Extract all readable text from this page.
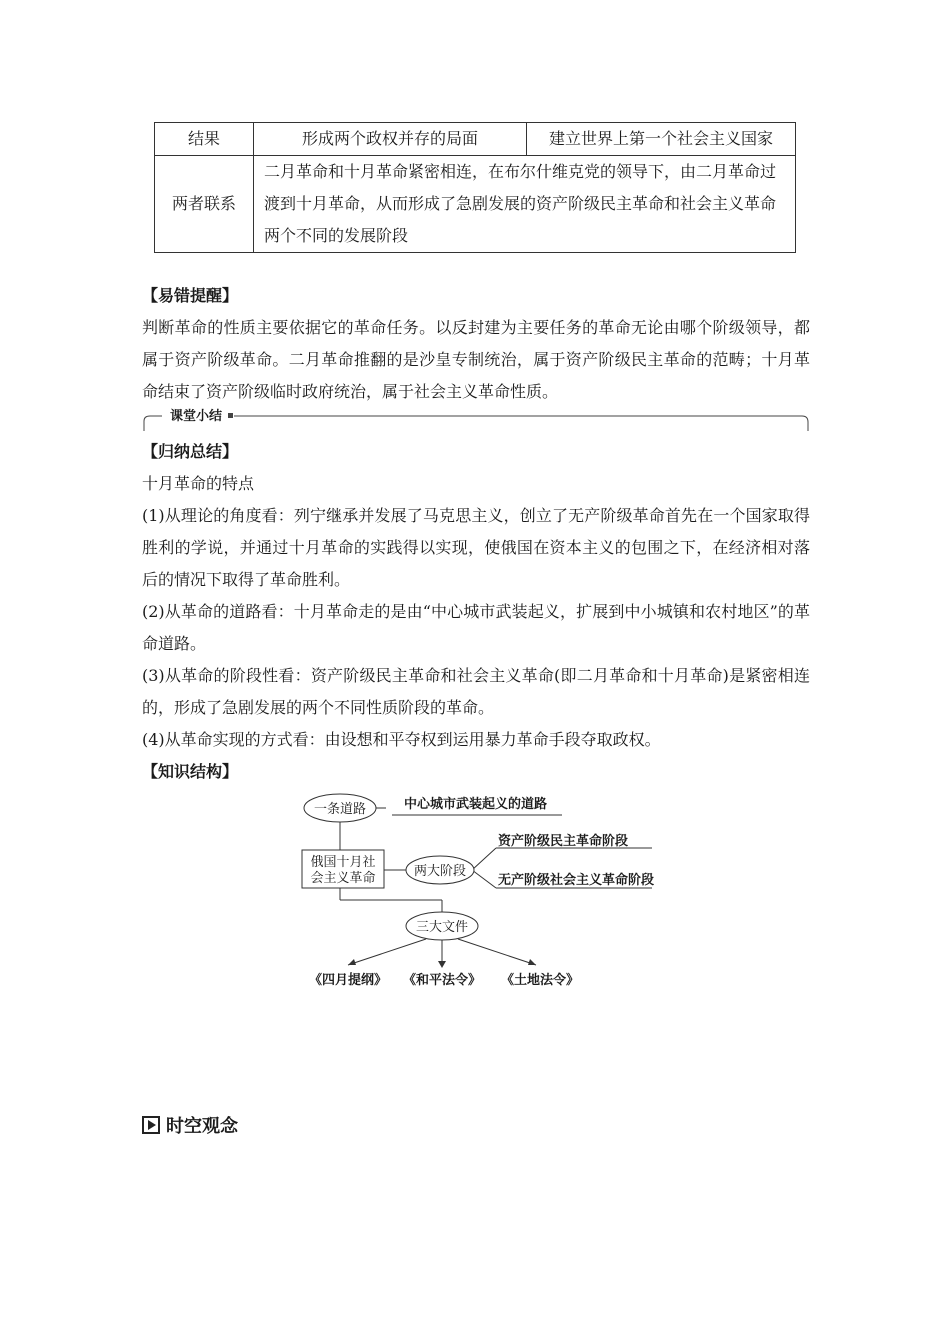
结果	形成两个政权并存的局面	建立世界上第一个社会主义国家
两者联系	二月革命和十月革命紧密相连，在布尔什维克党的领导下，由二月革命过渡到十月革命，从而形成了急剧发展的资产阶级民主革命和社会主义革命两个不同的发展阶段	
【易错提醒】
判断革命的性质主要依据它的革命任务。以反封建为主要任务的革命无论由哪个阶级领导，都属于资产阶级革命。二月革命推翻的是沙皇专制统治，属于资产阶级民主革命的范畴；十月革命结束了资产阶级临时政府统治，属于社会主义革命性质。
课堂小结
【归纳总结】
十月革命的特点
(1)从理论的角度看：列宁继承并发展了马克思主义，创立了无产阶级革命首先在一个国家取得胜利的学说，并通过十月革命的实践得以实现，使俄国在资本主义的包围之下，在经济相对落后的情况下取得了革命胜利。
(2)从革命的道路看：十月革命走的是由“中心城市武装起义，扩展到中小城镇和农村地区”的革命道路。
(3)从革命的阶段性看：资产阶级民主革命和社会主义革命(即二月革命和十月革命)是紧密相连的，形成了急剧发展的两个不同性质阶段的革命。
(4)从革命实现的方式看：由设想和平夺权到运用暴力革命手段夺取政权。
【知识结构】
一条道路	中心城市武装起义的道路
俄国十月社
会主义革命	两大阶段
资产阶级民主革命阶段
无产阶级社会主义革命阶段
三大文件
《四月提纲》 《和平法令》 《土地法令》
时空观念
